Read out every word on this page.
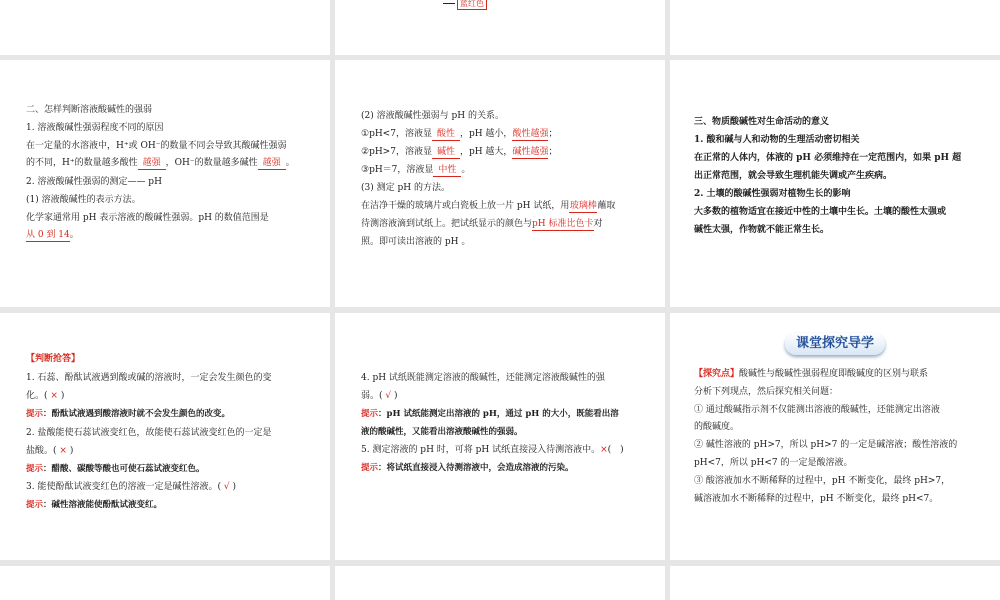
蓝红色
二、怎样判断溶液酸碱性的强弱
1. 溶液酸碱性强弱程度不同的原因
在一定量的水溶液中，H⁺或 OH⁻的数量不同会导致其酸碱性强弱
的不同，H⁺的数量越多酸性 越强 ，OH⁻的数量越多碱性 越强 。
2. 溶液酸碱性强弱的测定—— pH
(1) 溶液酸碱性的表示方法。
化学家通常用 pH 表示溶液的酸碱性强弱。pH 的数值范围是
从 0 到 14。
(2) 溶液酸碱性强弱与 pH 的关系。
①pH<7，溶液显 酸性 ，pH 越小，酸性越强；
②pH>7，溶液显 碱性 ，pH 越大，碱性越强；
③pH＝7，溶液显 中性 。
(3) 测定 pH 的方法。
在洁净干燥的玻璃片或白瓷板上放一片 pH 试纸，用玻璃棒蘸取
待测溶液滴到试纸上。把试纸显示的颜色与pH 标准比色卡对
照。即可读出溶液的 pH 。
三、物质酸碱性对生命活动的意义
1. 酸和碱与人和动物的生理活动密切相关
在正常的人体内，体液的 pH 必须维持在一定范围内，如果 pH 超
出正常范围，就会导致生理机能失调或产生疾病。
2. 土壤的酸碱性强弱对植物生长的影响
大多数的植物适宜在接近中性的土壤中生长。土壤的酸性太强或
碱性太强，作物就不能正常生长。
【判断抢答】
1. 石蕊、酚酞试液遇到酸或碱的溶液时，一定会发生颜色的变
化。( × )
提示：酚酞试液遇到酸溶液时就不会发生颜色的改变。
2. 盐酸能使石蕊试液变红色，故能使石蕊试液变红色的一定是
盐酸。( × )
提示：醋酸、碳酸等酸也可使石蕊试液变红色。
3. 能使酚酞试液变红色的溶液一定是碱性溶液。( √ )
提示：碱性溶液能使酚酞试液变红。
4. pH 试纸既能测定溶液的酸碱性，还能测定溶液酸碱性的强
弱。( √ )
提示：pH 试纸能测定出溶液的 pH，通过 pH 的大小，既能看出溶
液的酸碱性，又能看出溶液酸碱性的强弱。
5. 测定溶液的 pH 时，可将 pH 试纸直接浸入待测溶液中。×(　)
提示：将试纸直接浸入待测溶液中，会造成溶液的污染。
课堂探究导学
【探究点】酸碱性与酸碱性强弱程度即酸碱度的区别与联系
分析下列现点，然后探究相关问题：
① 通过酸碱指示剂不仅能测出溶液的酸碱性，还能测定出溶液
的酸碱度。
② 碱性溶液的 pH>7，所以 pH>7 的一定是碱溶液；酸性溶液的
pH<7，所以 pH<7 的一定是酸溶液。
③ 酸溶液加水不断稀释的过程中，pH 不断变化，最终 pH>7，
碱溶液加水不断稀释的过程中，pH 不断变化，最终 pH<7。
